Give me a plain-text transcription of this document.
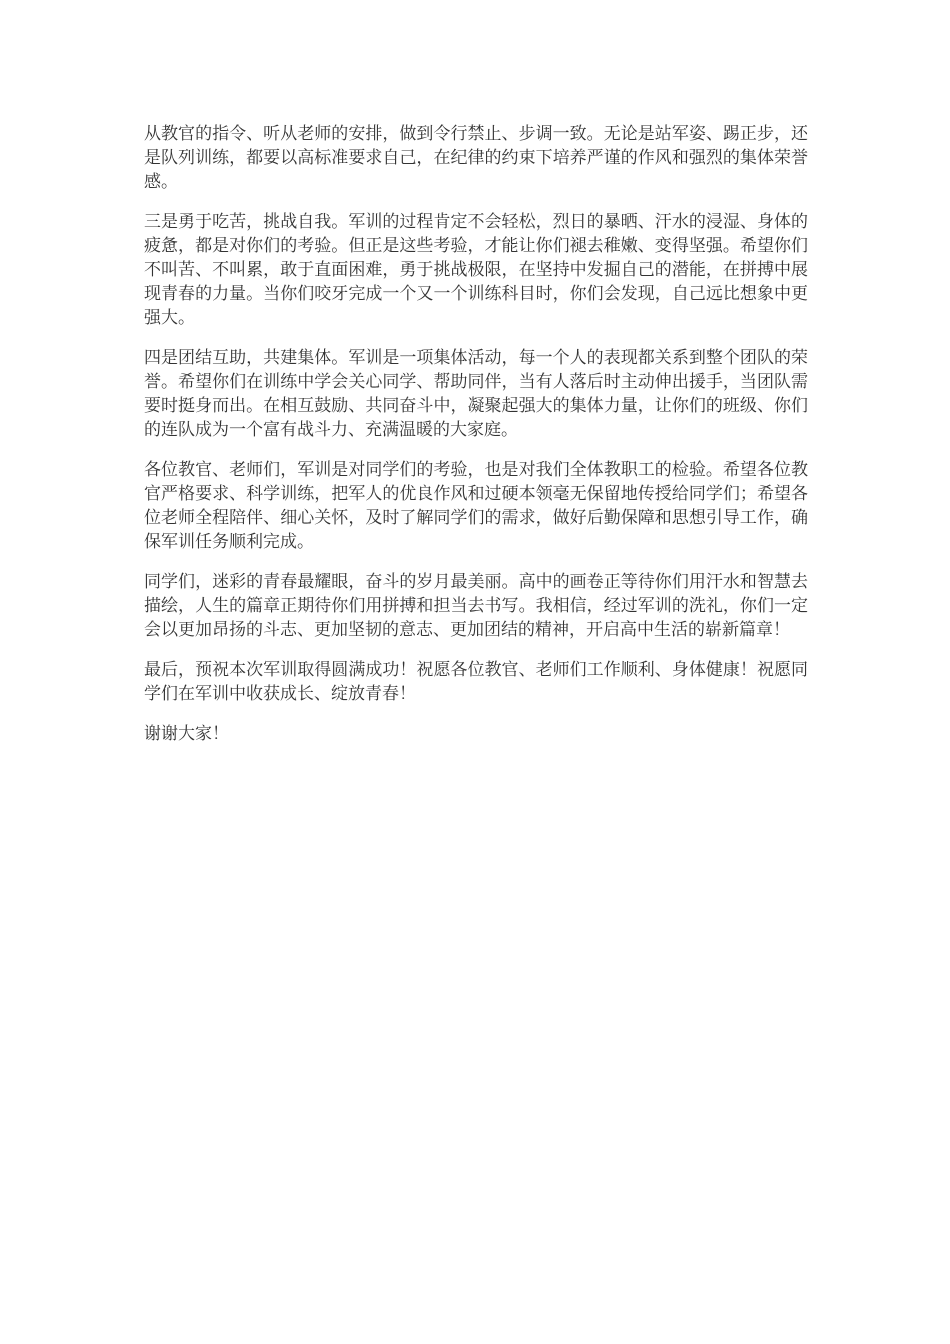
从教官的指令、听从老师的安排，做到令行禁止、步调一致。无论是站军姿、踢正步，还是队列训练，都要以高标准要求自己，在纪律的约束下培养严谨的作风和强烈的集体荣誉感。

三是勇于吃苦，挑战自我。军训的过程肯定不会轻松，烈日的暴晒、汗水的浸湿、身体的疲惫，都是对你们的考验。但正是这些考验，才能让你们褪去稚嫩、变得坚强。希望你们不叫苦、不叫累，敢于直面困难，勇于挑战极限，在坚持中发掘自己的潜能，在拼搏中展现青春的力量。当你们咬牙完成一个又一个训练科目时，你们会发现，自己远比想象中更强大。

四是团结互助，共建集体。军训是一项集体活动，每一个人的表现都关系到整个团队的荣誉。希望你们在训练中学会关心同学、帮助同伴，当有人落后时主动伸出援手，当团队需要时挺身而出。在相互鼓励、共同奋斗中，凝聚起强大的集体力量，让你们的班级、你们的连队成为一个富有战斗力、充满温暖的大家庭。

各位教官、老师们，军训是对同学们的考验，也是对我们全体教职工的检验。希望各位教官严格要求、科学训练，把军人的优良作风和过硬本领毫无保留地传授给同学们；希望各位老师全程陪伴、细心关怀，及时了解同学们的需求，做好后勤保障和思想引导工作，确保军训任务顺利完成。

同学们，迷彩的青春最耀眼，奋斗的岁月最美丽。高中的画卷正等待你们用汗水和智慧去描绘，人生的篇章正期待你们用拼搏和担当去书写。我相信，经过军训的洗礼，你们一定会以更加昂扬的斗志、更加坚韧的意志、更加团结的精神，开启高中生活的崭新篇章！

最后，预祝本次军训取得圆满成功！祝愿各位教官、老师们工作顺利、身体健康！祝愿同学们在军训中收获成长、绽放青春！

谢谢大家！
